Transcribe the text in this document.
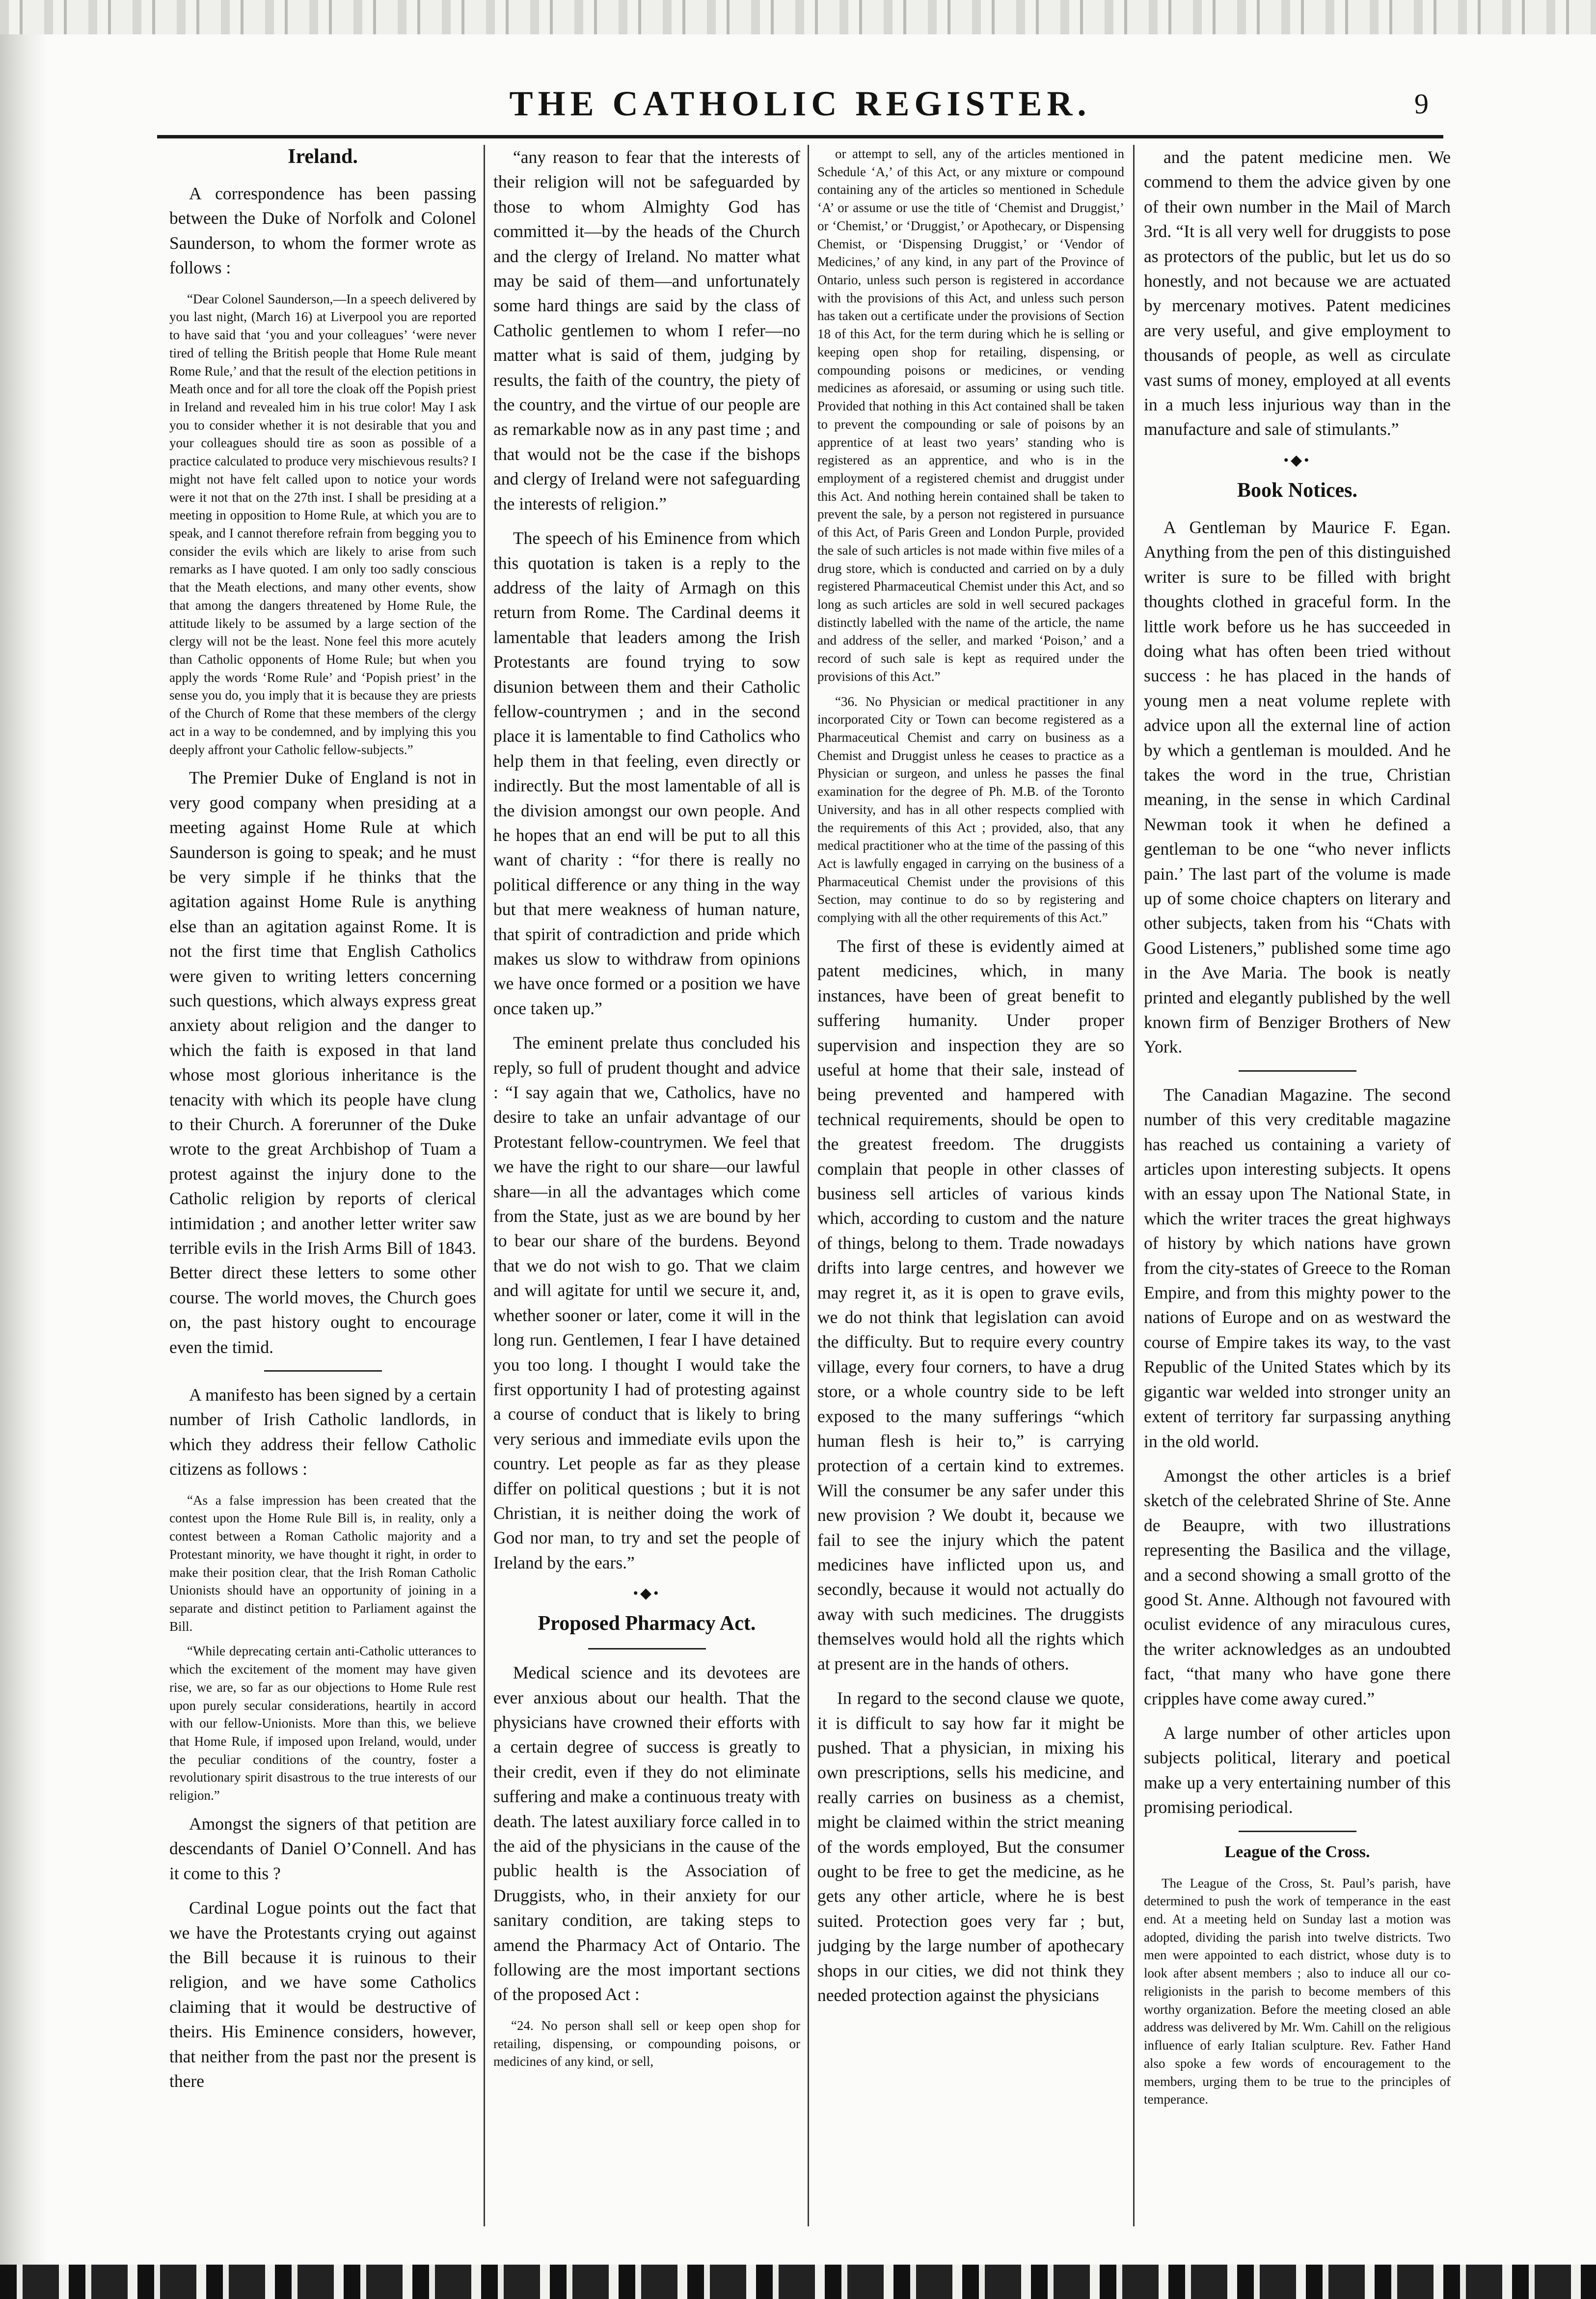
THE CATHOLIC REGISTER.	9
Ireland.

A correspondence has been passing between the Duke of Norfolk and Colonel Saunderson, to whom the former wrote as follows :

“Dear Colonel Saunderson,—In a speech delivered by you last night, (March 16) at Liverpool you are reported to have said that ‘you and your colleagues’ ‘were never tired of telling the British people that Home Rule meant Rome Rule,’ and that the result of the election petitions in Meath once and for all tore the cloak off the Popish priest in Ireland and revealed him in his true color! May I ask you to consider whether it is not desirable that you and your colleagues should tire as soon as possible of a practice calculated to produce very mischievous results? I might not have felt called upon to notice your words were it not that on the 27th inst. I shall be presiding at a meeting in opposition to Home Rule, at which you are to speak, and I cannot therefore refrain from begging you to consider the evils which are likely to arise from such remarks as I have quoted. I am only too sadly conscious that the Meath elections, and many other events, show that among the dangers threatened by Home Rule, the attitude likely to be assumed by a large section of the clergy will not be the least. None feel this more acutely than Catholic opponents of Home Rule; but when you apply the words ‘Rome Rule’ and ‘Popish priest’ in the sense you do, you imply that it is because they are priests of the Church of Rome that these members of the clergy act in a way to be condemned, and by implying this you deeply affront your Catholic fellow-subjects.”

The Premier Duke of England is not in very good company when presiding at a meeting against Home Rule at which Saunderson is going to speak; and he must be very simple if he thinks that the agitation against Home Rule is anything else than an agitation against Rome. It is not the first time that English Catholics were given to writing letters concerning such questions, which always express great anxiety about religion and the danger to which the faith is exposed in that land whose most glorious inheritance is the tenacity with which its people have clung to their Church. A forerunner of the Duke wrote to the great Archbishop of Tuam a protest against the injury done to the Catholic religion by reports of clerical intimidation ; and another letter writer saw terrible evils in the Irish Arms Bill of 1843. Better direct these letters to some other course. The world moves, the Church goes on, the past history ought to encourage even the timid.

A manifesto has been signed by a certain number of Irish Catholic landlords, in which they address their fellow Catholic citizens as follows :

“As a false impression has been created that the contest upon the Home Rule Bill is, in reality, only a contest between a Roman Catholic majority and a Protestant minority, we have thought it right, in order to make their position clear, that the Irish Roman Catholic Unionists should have an opportunity of joining in a separate and distinct petition to Parliament against the Bill.

“While deprecating certain anti-Catholic utterances to which the excitement of the moment may have given rise, we are, so far as our objections to Home Rule rest upon purely secular considerations, heartily in accord with our fellow-Unionists. More than this, we believe that Home Rule, if imposed upon Ireland, would, under the peculiar conditions of the country, foster a revolutionary spirit disastrous to the true interests of our religion.”

Amongst the signers of that petition are descendants of Daniel O’Connell. And has it come to this ?

Cardinal Logue points out the fact that we have the Protestants crying out against the Bill because it is ruinous to their religion, and we have some Catholics claiming that it would be destructive of theirs. His Eminence considers, however, that neither from the past nor the present is there

“any reason to fear that the interests of their religion will not be safeguarded by those to whom Almighty God has committed it—by the heads of the Church and the clergy of Ireland. No matter what may be said of them—and unfortunately some hard things are said by the class of Catholic gentlemen to whom I refer—no matter what is said of them, judging by results, the faith of the country, the piety of the country, and the virtue of our people are as remarkable now as in any past time ; and that would not be the case if the bishops and clergy of Ireland were not safeguarding the interests of religion.”

The speech of his Eminence from which this quotation is taken is a reply to the address of the laity of Armagh on this return from Rome. The Cardinal deems it lamentable that leaders among the Irish Protestants are found trying to sow disunion between them and their Catholic fellow-countrymen ; and in the second place it is lamentable to find Catholics who help them in that feeling, even directly or indirectly. But the most lamentable of all is the division amongst our own people. And he hopes that an end will be put to all this want of charity : “for there is really no political difference or any thing in the way but that mere weakness of human nature, that spirit of contradiction and pride which makes us slow to withdraw from opinions we have once formed or a position we have once taken up.”

The eminent prelate thus concluded his reply, so full of prudent thought and advice : “I say again that we, Catholics, have no desire to take an unfair advantage of our Protestant fellow-countrymen. We feel that we have the right to our share—our lawful share—in all the advantages which come from the State, just as we are bound by her to bear our share of the burdens. Beyond that we do not wish to go. That we claim and will agitate for until we secure it, and, whether sooner or later, come it will in the long run. Gentlemen, I fear I have detained you too long. I thought I would take the first opportunity I had of protesting against a course of conduct that is likely to bring very serious and immediate evils upon the country. Let people as far as they please differ on political questions ; but it is not Christian, it is neither doing the work of God nor man, to try and set the people of Ireland by the ears.”

•◆•
Proposed Pharmacy Act.

Medical science and its devotees are ever anxious about our health. That the physicians have crowned their efforts with a certain degree of success is greatly to their credit, even if they do not eliminate suffering and make a continuous treaty with death. The latest auxiliary force called in to the aid of the physicians in the cause of the public health is the Association of Druggists, who, in their anxiety for our sanitary condition, are taking steps to amend the Pharmacy Act of Ontario. The following are the most important sections of the proposed Act :

“24. No person shall sell or keep open shop for retailing, dispensing, or compounding poisons, or medicines of any kind, or sell,

or attempt to sell, any of the articles mentioned in Schedule ‘A,’ of this Act, or any mixture or compound containing any of the articles so mentioned in Schedule ‘A’ or assume or use the title of ‘Chemist and Druggist,’ or ‘Chemist,’ or ‘Druggist,’ or Apothecary, or Dispensing Chemist, or ‘Dispensing Druggist,’ or ‘Vendor of Medicines,’ of any kind, in any part of the Province of Ontario, unless such person is registered in accordance with the provisions of this Act, and unless such person has taken out a certificate under the provisions of Section 18 of this Act, for the term during which he is selling or keeping open shop for retailing, dispensing, or compounding poisons or medicines, or vending medicines as aforesaid, or assuming or using such title. Provided that nothing in this Act contained shall be taken to prevent the compounding or sale of poisons by an apprentice of at least two years’ standing who is registered as an apprentice, and who is in the employment of a registered chemist and druggist under this Act. And nothing herein contained shall be taken to prevent the sale, by a person not registered in pursuance of this Act, of Paris Green and London Purple, provided the sale of such articles is not made within five miles of a drug store, which is conducted and carried on by a duly registered Pharmaceutical Chemist under this Act, and so long as such articles are sold in well secured packages distinctly labelled with the name of the article, the name and address of the seller, and marked ‘Poison,’ and a record of such sale is kept as required under the provisions of this Act.”

“36. No Physician or medical practitioner in any incorporated City or Town can become registered as a Pharmaceutical Chemist and carry on business as a Chemist and Druggist unless he ceases to practice as a Physician or surgeon, and unless he passes the final examination for the degree of Ph. M.B. of the Toronto University, and has in all other respects complied with the requirements of this Act ; provided, also, that any medical practitioner who at the time of the passing of this Act is lawfully engaged in carrying on the business of a Pharmaceutical Chemist under the provisions of this Section, may continue to do so by registering and complying with all the other requirements of this Act.”

The first of these is evidently aimed at patent medicines, which, in many instances, have been of great benefit to suffering humanity. Under proper supervision and inspection they are so useful at home that their sale, instead of being prevented and hampered with technical requirements, should be open to the greatest freedom. The druggists complain that people in other classes of business sell articles of various kinds which, according to custom and the nature of things, belong to them. Trade nowadays drifts into large centres, and however we may regret it, as it is open to grave evils, we do not think that legislation can avoid the difficulty. But to require every country village, every four corners, to have a drug store, or a whole country side to be left exposed to the many sufferings “which human flesh is heir to,” is carrying protection of a certain kind to extremes. Will the consumer be any safer under this new provision ? We doubt it, because we fail to see the injury which the patent medicines have inflicted upon us, and secondly, because it would not actually do away with such medicines. The druggists themselves would hold all the rights which at present are in the hands of others.

In regard to the second clause we quote, it is difficult to say how far it might be pushed. That a physician, in mixing his own prescriptions, sells his medicine, and really carries on business as a chemist, might be claimed within the strict meaning of the words employed, But the consumer ought to be free to get the medicine, as he gets any other article, where he is best suited. Protection goes very far ; but, judging by the large number of apothecary shops in our cities, we did not think they needed protection against the physicians

and the patent medicine men. We commend to them the advice given by one of their own number in the Mail of March 3rd. “It is all very well for druggists to pose as protectors of the public, but let us do so honestly, and not because we are actuated by mercenary motives. Patent medicines are very useful, and give employment to thousands of people, as well as circulate vast sums of money, employed at all events in a much less injurious way than in the manufacture and sale of stimulants.”

•◆•
Book Notices.

A Gentleman by Maurice F. Egan. Anything from the pen of this distinguished writer is sure to be filled with bright thoughts clothed in graceful form. In the little work before us he has succeeded in doing what has often been tried without success : he has placed in the hands of young men a neat volume replete with advice upon all the external line of action by which a gentleman is moulded. And he takes the word in the true, Christian meaning, in the sense in which Cardinal Newman took it when he defined a gentleman to be one “who never inflicts pain.’ The last part of the volume is made up of some choice chapters on literary and other subjects, taken from his “Chats with Good Listeners,” published some time ago in the Ave Maria. The book is neatly printed and elegantly published by the well known firm of Benziger Brothers of New York.

The Canadian Magazine. The second number of this very creditable magazine has reached us containing a variety of articles upon interesting subjects. It opens with an essay upon The National State, in which the writer traces the great highways of history by which nations have grown from the city-states of Greece to the Roman Empire, and from this mighty power to the nations of Europe and on as westward the course of Empire takes its way, to the vast Republic of the United States which by its gigantic war welded into stronger unity an extent of territory far surpassing anything in the old world.

Amongst the other articles is a brief sketch of the celebrated Shrine of Ste. Anne de Beaupre, with two illustrations representing the Basilica and the village, and a second showing a small grotto of the good St. Anne. Although not favoured with oculist evidence of any miraculous cures, the writer acknowledges as an undoubted fact, “that many who have gone there cripples have come away cured.”

A large number of other articles upon subjects political, literary and poetical make up a very entertaining number of this promising periodical.

League of the Cross.

The League of the Cross, St. Paul’s parish, have determined to push the work of temperance in the east end. At a meeting held on Sunday last a motion was adopted, dividing the parish into twelve districts. Two men were appointed to each district, whose duty is to look after absent members ; also to induce all our co-religionists in the parish to become members of this worthy organization. Before the meeting closed an able address was delivered by Mr. Wm. Cahill on the religious influence of early Italian sculpture. Rev. Father Hand also spoke a few words of encouragement to the members, urging them to be true to the principles of temperance.
